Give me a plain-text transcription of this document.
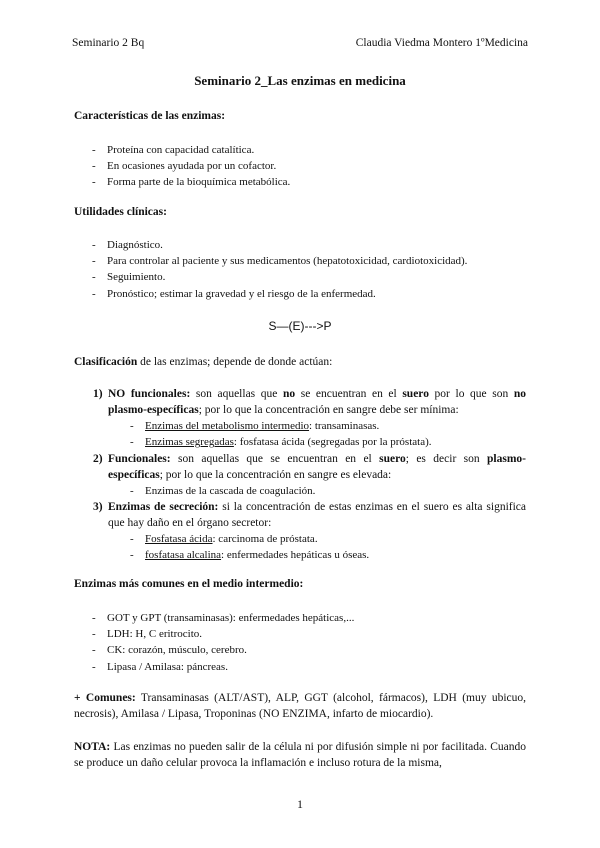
Seminario 2 Bq	Claudia Viedma Montero 1ºMedicina
Seminario 2_Las enzimas en medicina
Características de las enzimas:
- Proteína con capacidad catalítica.
- En ocasiones ayudada por un cofactor.
- Forma parte de la bioquímica metabólica.
Utilidades clínicas:
- Diagnóstico.
- Para controlar al paciente y sus medicamentos (hepatotoxicidad, cardiotoxicidad).
- Seguimiento.
- Pronóstico; estimar la gravedad y el riesgo de la enfermedad.
S—(E)--->P
Clasificación de las enzimas; depende de donde actúan:
1) NO funcionales: son aquellas que no se encuentran en el suero por lo que son no plasmo-específicas; por lo que la concentración en sangre debe ser mínima:
- Enzimas del metabolismo intermedio: transaminasas.
- Enzimas segregadas: fosfatasa ácida (segregadas por la próstata).
2) Funcionales: son aquellas que se encuentran en el suero; es decir son plasmo-específicas; por lo que la concentración en sangre es elevada:
- Enzimas de la cascada de coagulación.
3) Enzimas de secreción: si la concentración de estas enzimas en el suero es alta significa que hay daño en el órgano secretor:
- Fosfatasa ácida: carcinoma de próstata.
- fosfatasa alcalina: enfermedades hepáticas u óseas.
Enzimas más comunes en el medio intermedio:
- GOT y GPT (transaminasas): enfermedades hepáticas,...
- LDH: H, C eritrocito.
- CK: corazón, músculo, cerebro.
- Lipasa / Amilasa: páncreas.
+ Comunes: Transaminasas (ALT/AST), ALP, GGT (alcohol, fármacos), LDH (muy ubicuo, necrosis), Amilasa / Lipasa, Troponinas (NO ENZIMA, infarto de miocardio).
NOTA: Las enzimas no pueden salir de la célula ni por difusión simple ni por facilitada. Cuando se produce un daño celular provoca la inflamación e incluso rotura de la misma,
1
